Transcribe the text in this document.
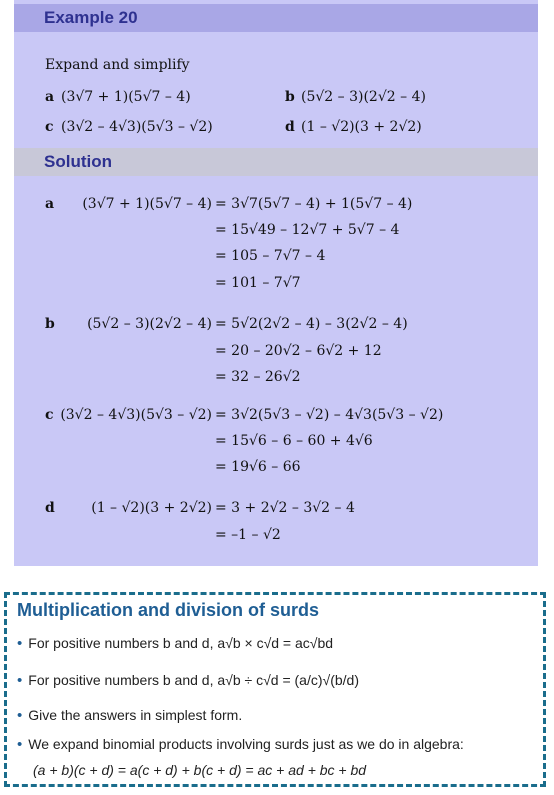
Example 20
Expand and simplify
a (3√7 + 1)(5√7 – 4)	b (5√2 – 3)(2√2 – 4)
c (3√2 – 4√3)(5√3 – √2)	d (1 – √2)(3 + 2√2)
Solution
a (3√7 + 1)(5√7 – 4) = 3√7(5√7 – 4) + 1(5√7 – 4)
= 15√49 – 12√7 + 5√7 – 4
= 105 – 7√7 – 4
= 101 – 7√7
b (5√2 – 3)(2√2 – 4) = 5√2(2√2 – 4) – 3(2√2 – 4)
= 20 – 20√2 – 6√2 + 12
= 32 – 26√2
c (3√2 – 4√3)(5√3 – √2) = 3√2(5√3 – √2) – 4√3(5√3 – √2)
= 15√6 – 6 – 60 + 4√6
= 19√6 – 66
d	(1 – √2)(3 + 2√2) = 3 + 2√2 – 3√2 – 4
= –1 – √2
Multiplication and division of surds
• For positive numbers b and d, a√b × c√d = ac√bd
• For positive numbers b and d, a√b ÷ c√d = (a/c)√(b/d)
• Give the answers in simplest form.
• We expand binomial products involving surds just as we do in algebra:
(a + b)(c + d) = a(c + d) + b(c + d) = ac + ad + bc + bd
